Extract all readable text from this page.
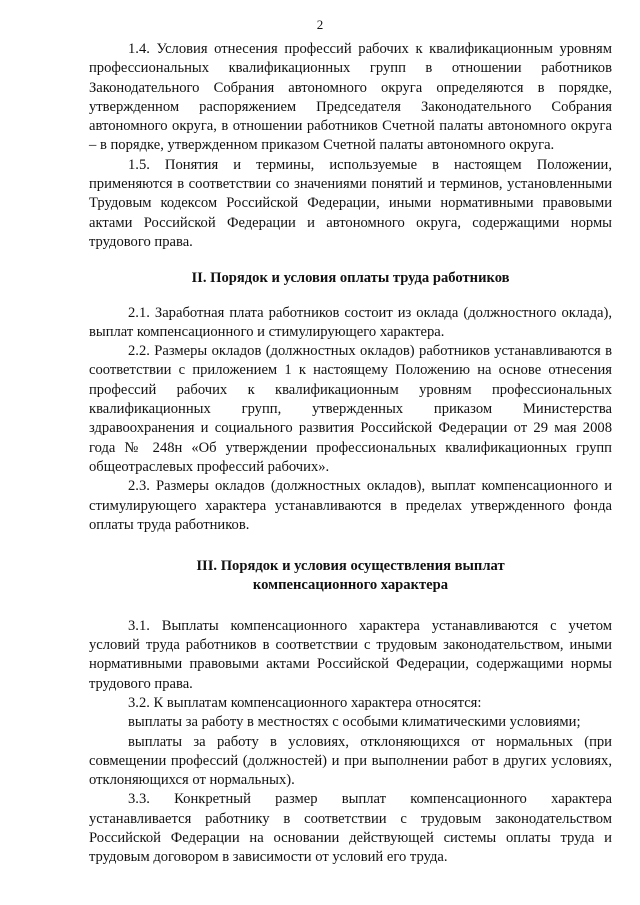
2

1.4. Условия отнесения профессий рабочих к квалификационным уровням профессиональных квалификационных групп в отношении работников Законодательного Собрания автономного округа определяются в порядке, утвержденном распоряжением Председателя Законодательного Собрания автономного округа, в отношении работников Счетной палаты автономного округа – в порядке, утвержденном приказом Счетной палаты автономного округа.

1.5. Понятия и термины, используемые в настоящем Положении, применяются в соответствии со значениями понятий и терминов, установленными Трудовым кодексом Российской Федерации, иными нормативными правовыми актами Российской Федерации и автономного округа, содержащими нормы трудового права.

II. Порядок и условия оплаты труда работников

2.1. Заработная плата работников состоит из оклада (должностного оклада), выплат компенсационного и стимулирующего характера.

2.2. Размеры окладов (должностных окладов) работников устанавливаются в соответствии с приложением 1 к настоящему Положению на основе отнесения профессий рабочих к квалификационным уровням профессиональных квалификационных групп, утвержденных приказом Министерства здравоохранения и социального развития Российской Федерации от 29 мая 2008 года № 248н «Об утверждении профессиональных квалификационных групп общеотраслевых профессий рабочих».

2.3. Размеры окладов (должностных окладов), выплат компенсационного и стимулирующего характера устанавливаются в пределах утвержденного фонда оплаты труда работников.

III. Порядок и условия осуществления выплат
компенсационного характера

3.1. Выплаты компенсационного характера устанавливаются с учетом условий труда работников в соответствии с трудовым законодательством, иными нормативными правовыми актами Российской Федерации, содержащими нормы трудового права.

3.2. К выплатам компенсационного характера относятся:

выплаты за работу в местностях с особыми климатическими условиями;

выплаты за работу в условиях, отклоняющихся от нормальных (при совмещении профессий (должностей) и при выполнении работ в других условиях, отклоняющихся от нормальных).

3.3. Конкретный размер выплат компенсационного характера устанавливается работнику в соответствии с трудовым законодательством Российской Федерации на основании действующей системы оплаты труда и трудовым договором в зависимости от условий его труда.
